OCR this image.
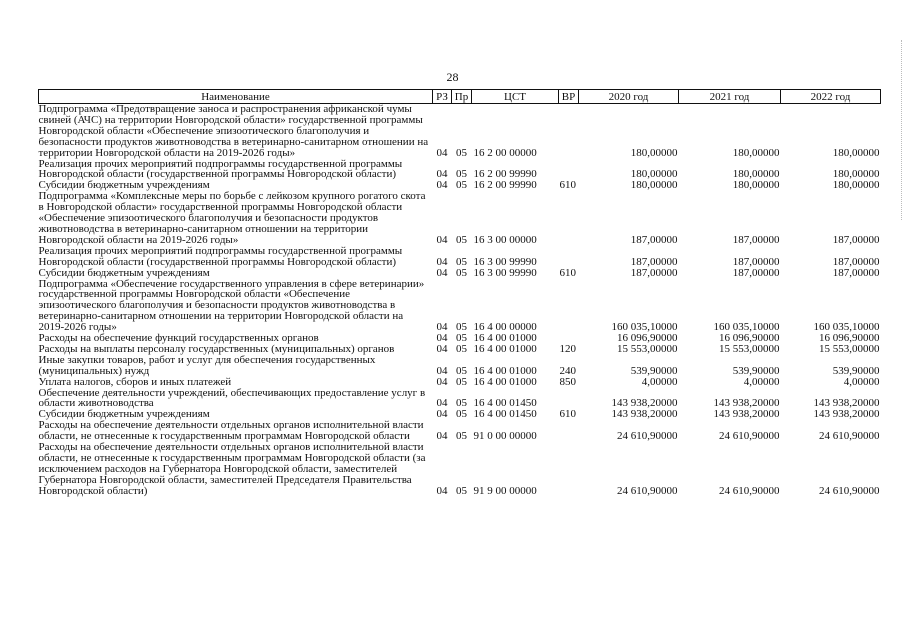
28
Наименование	РЗ	Пр	ЦСТ	ВР	2020 год	2021 год	2022 год
Подпрограмма «Предотвращение заноса и распространения африканской чумы свиней (АЧС) на территории Новгородской области» государственной программы Новгородской области «Обеспечение эпизоотического благополучия и безопасности продуктов животноводства в ветеринарно-санитарном отношении на территории Новгородской области на 2019-2026 годы»	04	05	16 2 00 00000		180,00000	180,00000	180,00000
Реализация прочих мероприятий подпрограммы государственной программы Новгородской области (государственной программы Новгородской области)	04	05	16 2 00 99990		180,00000	180,00000	180,00000
Субсидии бюджетным учреждениям	04	05	16 2 00 99990	610	180,00000	180,00000	180,00000
Подпрограмма «Комплексные меры по борьбе с лейкозом крупного рогатого скота в Новгородской области» государственной программы Новгородской области «Обеспечение эпизоотического благополучия и безопасности продуктов животноводства в ветеринарно-санитарном отношении на территории Новгородской области на 2019-2026 годы»	04	05	16 3 00 00000		187,00000	187,00000	187,00000
Реализация прочих мероприятий подпрограммы государственной программы Новгородской области (государственной программы Новгородской области)	04	05	16 3 00 99990		187,00000	187,00000	187,00000
Субсидии бюджетным учреждениям	04	05	16 3 00 99990	610	187,00000	187,00000	187,00000
Подпрограмма «Обеспечение государственного управления в сфере ветеринарии» государственной программы Новгородской области «Обеспечение эпизоотического благополучия и безопасности продуктов животноводства в ветеринарно-санитарном отношении на территории Новгородской области на 2019-2026 годы»	04	05	16 4 00 00000		160 035,10000	160 035,10000	160 035,10000
Расходы на обеспечение функций государственных органов	04	05	16 4 00 01000		16 096,90000	16 096,90000	16 096,90000
Расходы на выплаты персоналу государственных (муниципальных) органов	04	05	16 4 00 01000	120	15 553,00000	15 553,00000	15 553,00000
Иные закупки товаров, работ и услуг для обеспечения государственных (муниципальных) нужд	04	05	16 4 00 01000	240	539,90000	539,90000	539,90000
Уплата налогов, сборов и иных платежей	04	05	16 4 00 01000	850	4,00000	4,00000	4,00000
Обеспечение деятельности учреждений, обеспечивающих предоставление услуг в области животноводства	04	05	16 4 00 01450		143 938,20000	143 938,20000	143 938,20000
Субсидии бюджетным учреждениям	04	05	16 4 00 01450	610	143 938,20000	143 938,20000	143 938,20000
Расходы на обеспечение деятельности отдельных органов исполнительной власти области, не отнесенные к государственным программам Новгородской области	04	05	91 0 00 00000		24 610,90000	24 610,90000	24 610,90000
Расходы на обеспечение деятельности отдельных органов исполнительной власти области, не отнесенные к государственным программам Новгородской области (за исключением расходов на Губернатора Новгородской области, заместителей Губернатора Новгородской области, заместителей Председателя Правительства Новгородской области)	04	05	91 9 00 00000		24 610,90000	24 610,90000	24 610,90000
